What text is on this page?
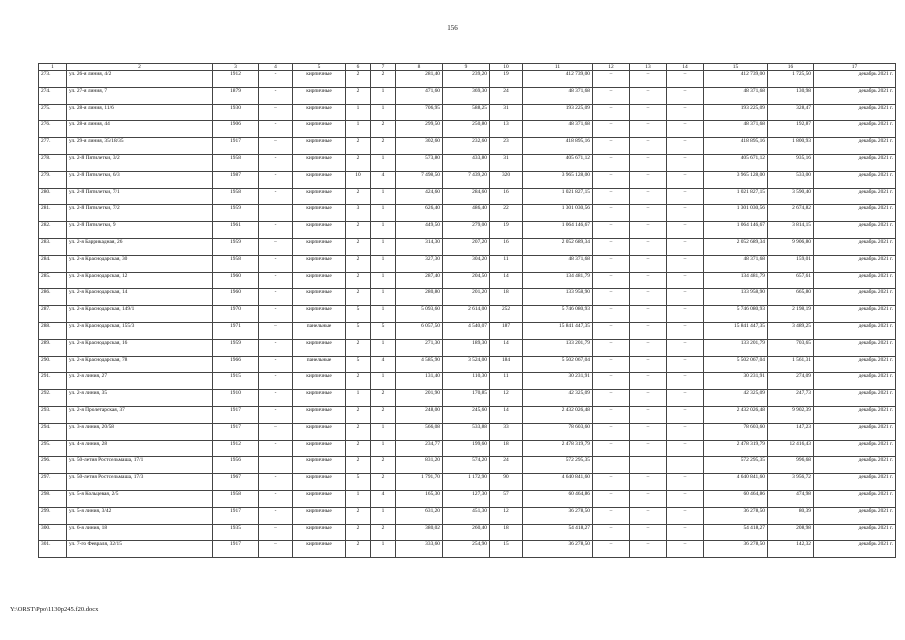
156
1	2	3	4	5	6	7	8	9	10	11	12	13	14	15	16	17
273.	ул. 26-я линия, 4/2	1912	-	кирпичные	2	2	281,40	239,20	19	412 739,00	–	–	–	412 739,00	1 725,50	декабрь 2021 г.
274.	ул. 27-я линия, 7	1879	-	кирпичные	2	1	471,60	369,30	24	48 371,68	–	–	–	48 371,68	130,98	декабрь 2021 г.
275.	ул. 28-я линия, 11/6	1930	–	кирпичные	1	1	706,95	588,25	31	193 225,09	–	–	–	193 225,09	328,47	декабрь 2021 г.
276.	ул. 28-я линия, 44	1906	-	кирпичные	1	2	299,50	250,80	13	48 371,68	–	–	–	48 371,68	192,87	декабрь 2021 г.
277.	ул. 29-я линия, 35/18/35	1917	–	кирпичные	2	2	302,60	232,60	23	418 895,16	–	–	–	418 895,16	1 800,93	декабрь 2021 г.
278.	ул. 2-й Пятилетки, 3/2	1958	-	кирпичные	2	1	573,80	433,80	31	405 671,12	–	–	–	405 671,12	935,16	декабрь 2021 г.
279.	ул. 2-й Пятилетки, 6/3	1987	-	кирпичные	10	4	7 498,50	7 439,20	320	3 965 128,00	–	–	–	3 965 128,00	533,00	декабрь 2021 г.
280.	ул. 2-й Пятилетки, 7/1	1958	-	кирпичные	2	1	424,60	284,60	16	1 021 827,15	–	–	–	1 021 827,15	3 590,40	декабрь 2021 г.
281.	ул. 2-й Пятилетки, 7/2	1959		кирпичные	3	1	626,40	486,40	22	1 301 030,56	–	–	–	1 301 030,56	2 674,82	декабрь 2021 г.
282.	ул. 2-й Пятилетки, 9	1961	-	кирпичные	2	1	449,50	279,00	19	1 064 146,67	–	–	–	1 064 146,67	3 814,15	декабрь 2021 г.
283.	ул. 2-я Баррикадная, 26	1959	–	кирпичные	2	1	314,30	207,20	16	2 052 689,34	–	–	–	2 052 689,34	9 906,80	декабрь 2021 г.
284.	ул. 2-я Краснодарская, 30	1958	-	кирпичные	2	1	327,30	304,20	11	48 371,68	–	–	–	48 371,68	159,01	декабрь 2021 г.
285.	ул. 2-я Краснодарская, 12	1960	-	кирпичные	2	1	287,40	204,50	14	134 481,79	–	–	–	134 481,79	657,61	декабрь 2021 г.
286.	ул. 2-я Краснодарская, 14	1960	-	кирпичные	2	1	280,80	201,20	18	133 958,90	–	–	–	133 958,90	665,80	декабрь 2021 г.
287.	ул. 2-я Краснодарская, 149/1	1970	-	кирпичные	5	1	5 093,60	2 614,00	252	5 746 080,93	–	–	–	5 746 080,93	2 198,19	декабрь 2021 г.
288.	ул. 2-я Краснодарская, 155/3	1971	–	панельные	5	5	6 057,50	4 540,07	187	15 841 447,35	–	–	–	15 841 447,35	3 489,25	декабрь 2021 г.
289.	ул. 2-я Краснодарская, 16	1959	-	кирпичные	2	1	271,30	189,30	14	133 201,79	–	–	–	133 201,79	703,65	декабрь 2021 г.
290.	ул. 2-я Краснодарская, 78	1966	-	панельные	5	4	4 585,90	3 524,00	184	5 502 067,04	–	–	–	5 502 067,04	1 561,31	декабрь 2021 г.
291.	ул. 2-я линия, 27	1915	-	кирпичные	2	1	131,40	110,30	11	30 231,91	–	–	–	30 231,91	274,09	декабрь 2021 г.
292.	ул. 2-я линия, 35	1910	-	кирпичные	1	2	201,90	170,85	12	42 325,09	–	–	–	42 325,09	247,73	декабрь 2021 г.
293.	ул. 2-я Пролетарская, 37	1917	-	кирпичные	2	2	248,00	245,60	14	2 432 026,48	–	–	–	2 432 026,48	9 902,39	декабрь 2021 г.
294.	ул. 3-я линия, 20/58	1917	–	кирпичные	2	1	566,08	533,88	33	78 603,60	–	–	–	78 603,60	147,23	декабрь 2021 г.
295.	ул. 4-я линия, 28	1912	-	кирпичные	2	1	234,77	199,60	18	2 478 319,79	–	–	–	2 478 319,79	12 416,43	декабрь 2021 г.
296.	ул. 50-летия Ростсельмаша, 17/1	1956		кирпичные	2	2	831,20	574,20	24	572 295,35				572 295,35	996,68	декабрь 2021 г.
297.	ул. 50-летия Ростсельмаша, 17/3	1967	-	кирпичные	5	2	1 791,70	1 172,90	90	4 640 841,60	–	–	–	4 640 841,60	3 956,72	декабрь 2021 г.
298.	ул. 5-я Кольцевая, 2/5	1958	-	кирпичные	1	4	165,30	127,30	57	60 464,86	–	–	–	60 464,86	474,98	декабрь 2021 г.
299.	ул. 5-я линия, 3/42	1917	-	кирпичные	2	1	631,20	451,30	12	36 278,50	–	–	–	36 278,50	80,39	декабрь 2021 г.
300.	ул. 6-я линия, 18	1935	–	кирпичные	2	2	380,02	260,40	18	54 418,27	–	–	–	54 418,27	208,98	декабрь 2021 г.
301.	ул. 7-го Февраля, 32/15	1917	–	кирпичные	2	1	333,60	254,90	15	36 278,50	–	–	–	36 278,50	142,32	декабрь 2021 г.
Y:\ORST\Ppo\1130p245.f20.docx
